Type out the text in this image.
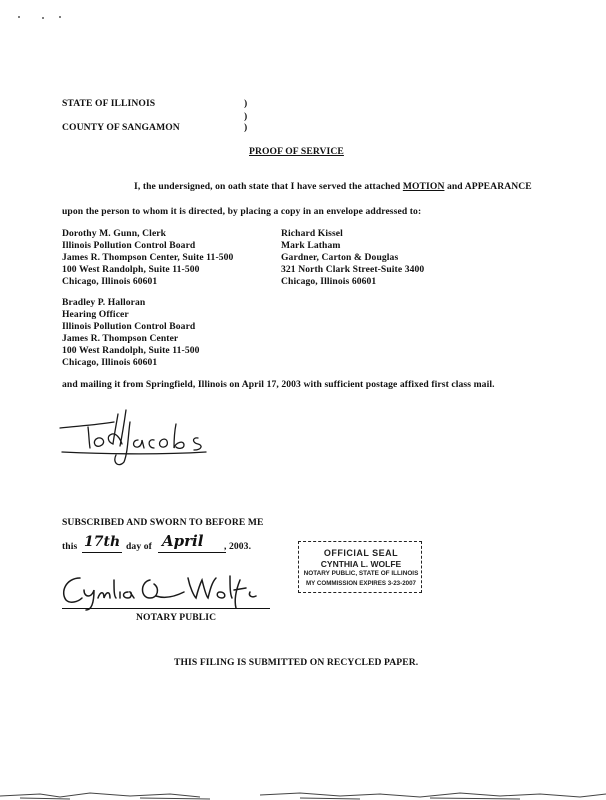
STATE OF ILLINOIS	)
)
COUNTY OF SANGAMON	)
PROOF OF SERVICE
I, the undersigned, on oath state that I have served the attached MOTION and APPEARANCE
upon the person to whom it is directed, by placing a copy in an envelope addressed to:
Dorothy M. Gunn, Clerk
Illinois Pollution Control Board
James R. Thompson Center, Suite 11-500
100 West Randolph, Suite 11-500
Chicago, Illinois 60601
Richard Kissel
Mark Latham
Gardner, Carton & Douglas
321 North Clark Street-Suite 3400
Chicago, Illinois 60601
Bradley P. Halloran
Hearing Officer
Illinois Pollution Control Board
James R. Thompson Center
100 West Randolph, Suite 11-500
Chicago, Illinois 60601
and mailing it from Springfield, Illinois on April 17, 2003 with sufficient postage affixed first class mail.
SUBSCRIBED AND SWORN TO BEFORE ME
this 17th day of April , 2003.
NOTARY PUBLIC
OFFICIAL SEAL
CYNTHIA L. WOLFE
NOTARY PUBLIC, STATE OF ILLINOIS
MY COMMISSION EXPIRES 3-23-2007
THIS FILING IS SUBMITTED ON RECYCLED PAPER.
